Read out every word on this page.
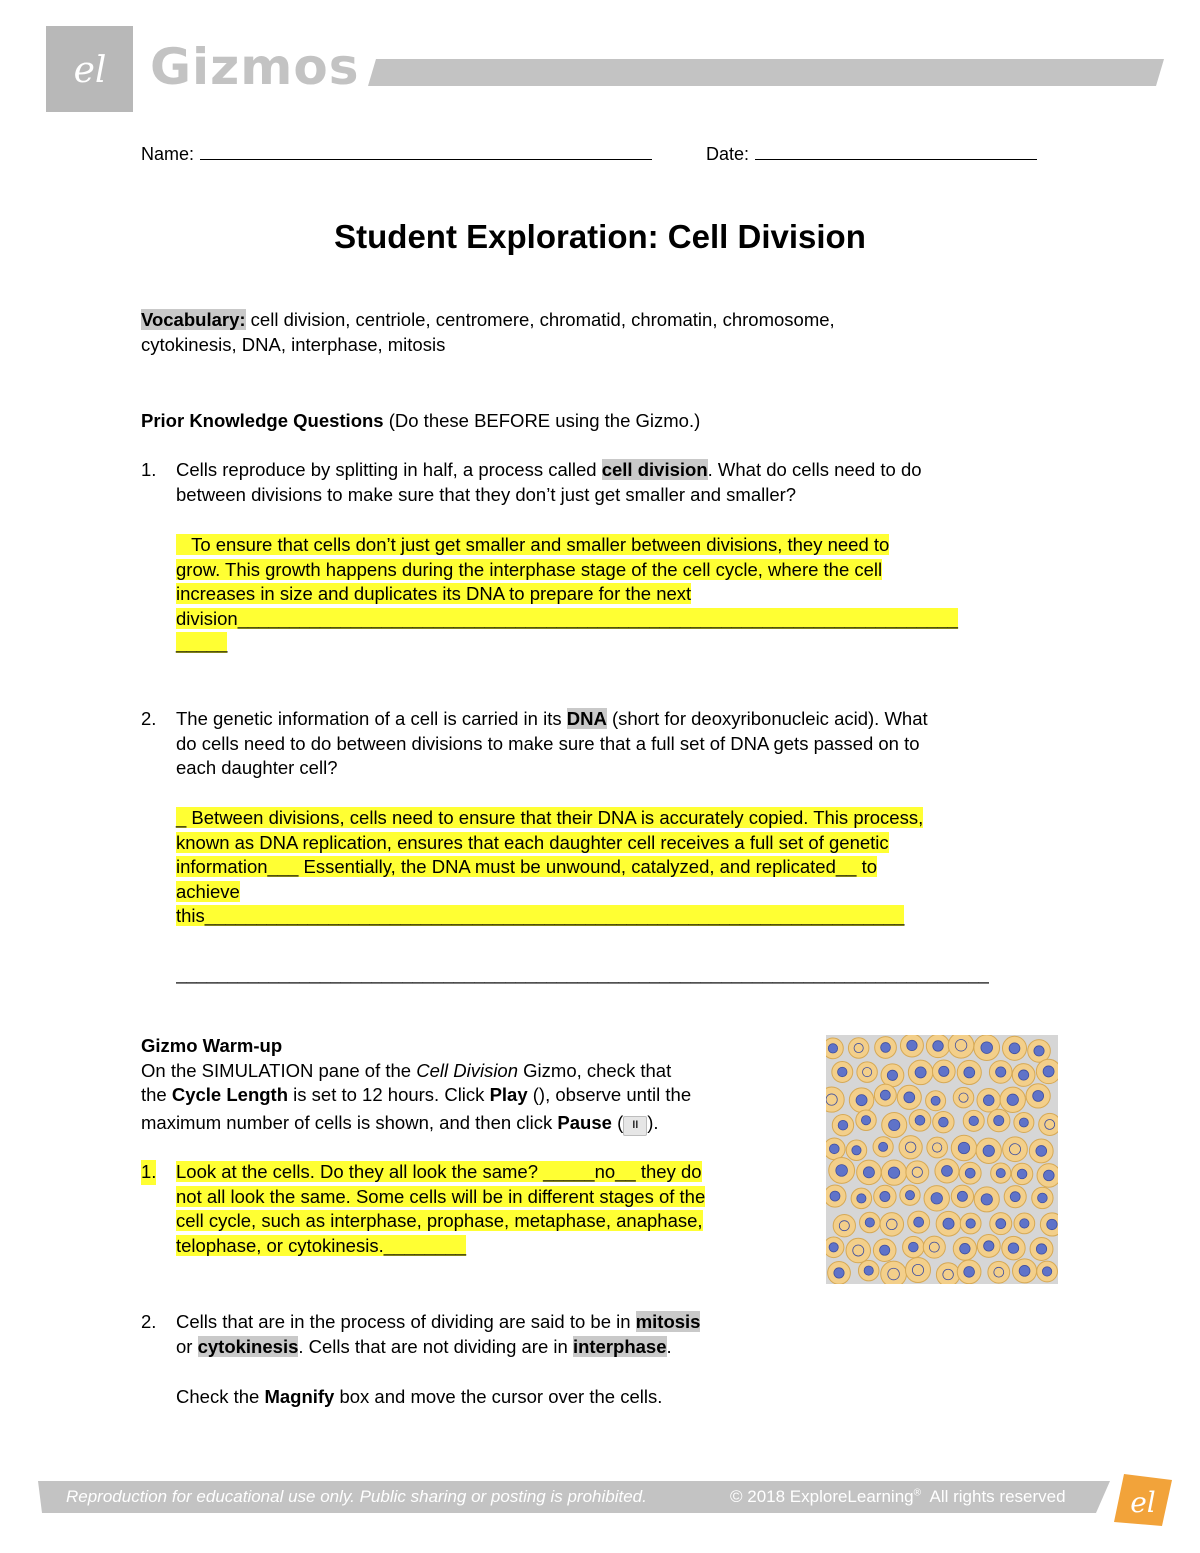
el Gizmos
Name:	Date:
Student Exploration: Cell Division
Vocabulary: cell division, centriole, centromere, chromatid, chromatin, chromosome,
cytokinesis, DNA, interphase, mitosis
Prior Knowledge Questions (Do these BEFORE using the Gizmo.)
1. Cells reproduce by splitting in half, a process called cell division. What do cells need to do
between divisions to make sure that they don’t just get smaller and smaller?
To ensure that cells don’t just get smaller and smaller between divisions, they need to
grow. This growth happens during the interphase stage of the cell cycle, where the cell
increases in size and duplicates its DNA to prepare for the next
division______________________________________________________________________
_____
2. The genetic information of a cell is carried in its DNA (short for deoxyribonucleic acid). What
do cells need to do between divisions to make sure that a full set of DNA gets passed on to
each daughter cell?
_ Between divisions, cells need to ensure that their DNA is accurately copied. This process,
known as DNA replication, ensures that each daughter cell receives a full set of genetic
information___ Essentially, the DNA must be unwound, catalyzed, and replicated__ to
achieve
this____________________________________________________________________
_______________________________________________________________________________
Gizmo Warm-up
On the SIMULATION pane of the Cell Division Gizmo, check that
the Cycle Length is set to 12 hours. Click Play (), observe until the
maximum number of cells is shown, and then click Pause ( II ).
1. Look at the cells. Do they all look the same? _____no__ they do
not all look the same. Some cells will be in different stages of the
cell cycle, such as interphase, prophase, metaphase, anaphase,
telophase, or cytokinesis.________
2. Cells that are in the process of dividing are said to be in mitosis
or cytokinesis. Cells that are not dividing are in interphase.
Check the Magnify box and move the cursor over the cells.
Reproduction for educational use only. Public sharing or posting is prohibited.	© 2018 ExploreLearning®  All rights reserved el
